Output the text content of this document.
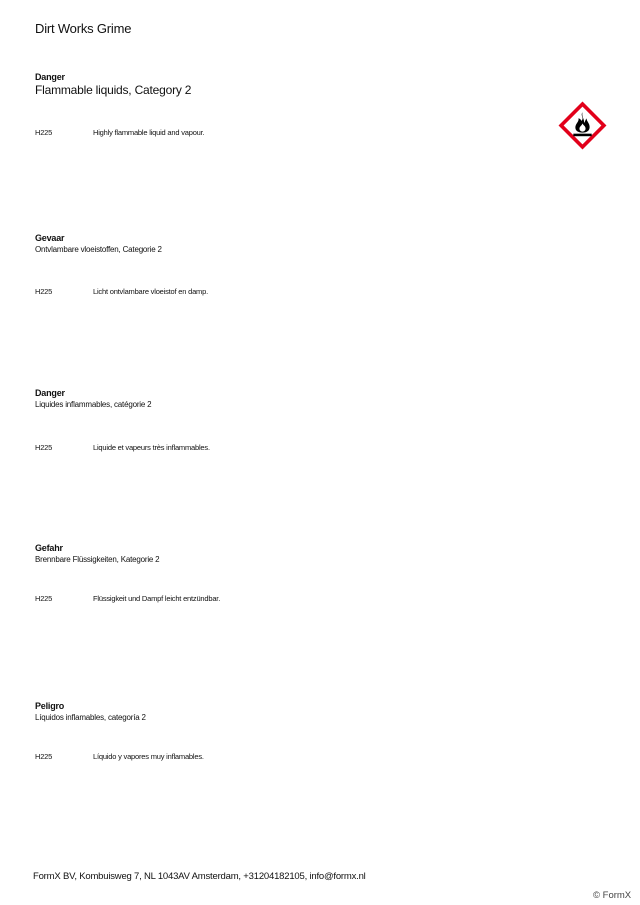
Dirt Works Grime
Danger
Flammable liquids, Category 2
H225	Highly flammable liquid and vapour.
Gevaar
Ontvlambare vloeistoffen, Categorie 2
H225	Licht ontvlambare vloeistof en damp.
Danger
Liquides inflammables, catégorie 2
H225	Liquide et vapeurs très inflammables.
Gefahr
Brennbare Flüssigkeiten, Kategorie 2
H225	Flüssigkeit und Dampf leicht entzündbar.
Peligro
Líquidos inflamables, categoría 2
H225	Líquido y vapores muy inflamables.
FormX BV, Kombuisweg 7, NL 1043AV Amsterdam, +31204182105, info@formx.nl
© FormX
